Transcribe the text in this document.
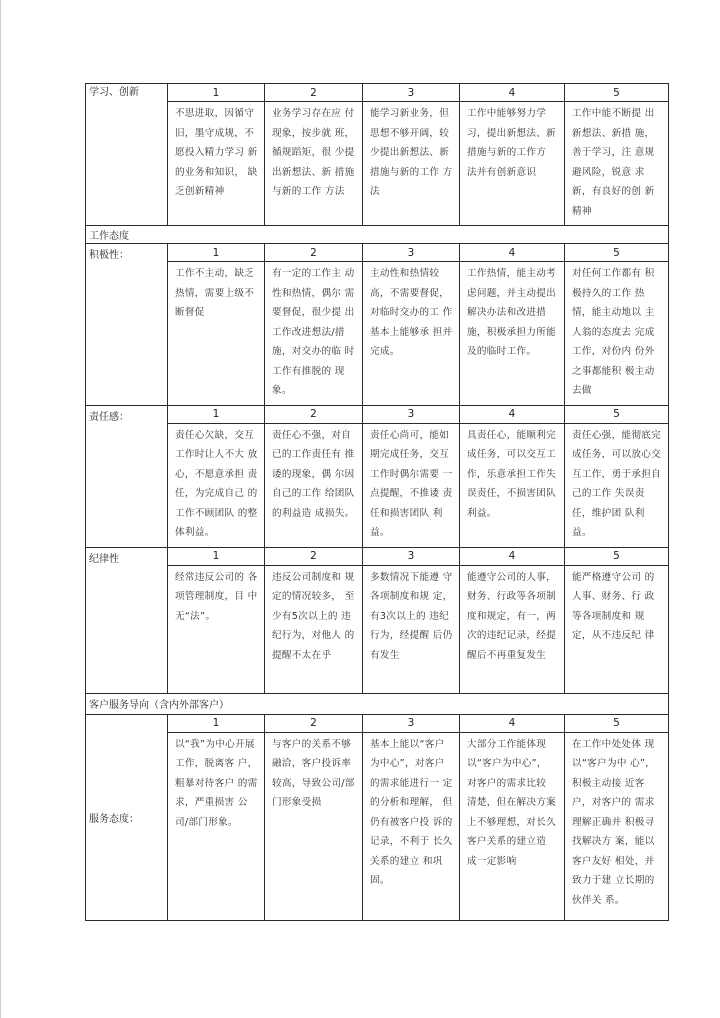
学习、创新	1	2	3	4	5
	不思进取，因循守旧，墨守成规，不 愿投入精力学习 新的业务和知识， 缺乏创新精神	业务学习存在应 付现象，按步就 班，循规蹈矩，很 少提出新想法、新 措施与新的工作 方法	能学习新业务，但思想不够开阔，较少提出新想法、新措施与新的工作 方法	工作中能够努力学习，提出新想法、新措施与新的工作方 法并有创新意识	工作中能不断提 出新想法、新措 施，善于学习，注 意规避风险，锐意 求新，有良好的创 新精神
工作态度					
积极性：	1	2	3	4	5
	工作不主动，缺乏热情，需要上级不 断督促	有一定的工作主 动性和热情，偶尔 需要督促，很少提 出工作改进想法/措 施，对交办的临 时工作有推脱的 现象。	主动性和热情较高，不需要督促，对临时交办的工 作基本上能够承 担并完成。	工作热情，能主动考虑问题，并主动提出解决办法和改进措施，积极承担力所能及的临时工作。	对任何工作都有 积极持久的工作 热情，能主动地以 主人翁的态度去 完成工作，对份内 份外之事都能积 极主动去做
责任感：	1	2	3	4	5
	责任心欠缺，交互工作时让人不大 放心，不愿意承担 责任，为完成自己 的工作不顾团队 的整体利益。	责任心不强，对自已的工作责任有 推诿的现象，偶 尔因自己的工作 给团队的利益造 成损失。	责任心尚可，能如期完成任务，交互工作时偶尔需要 一点提醒，不推诿 责任和损害团队 利益。	具责任心，能顺利完成任务，可以交互工作，乐意承担工作失误责任，不损害团队利益。	责任心强，能彻底完成任务，可以放心交互工作，勇于承担自己的工作 失误责任，维护团 队利益。
纪律性	1	2	3	4	5
	经常违反公司的 各项管理制度，目 中无“法”。	违反公司制度和 规定的情况较多， 至少有5次以上的 违纪行为，对他人 的提醒不太在乎	多数情况下能遵 守各项制度和规 定，有3次以上的 违纪行为，经提醒 后仍有发生	能遵守公司的人事，财务、行政等各项制度和规定，有一，两次的违纪记录，经提醒后不再重复发生	能严格遵守公司 的人事、财务、行 政等各项制度和 规定，从不违反纪 律
客户服务导向（含内外部客户）					
服务态度：	1	2	3	4	5
	以“我”为中心开展工作，脱离客 户，粗暴对待客户 的需求，严重损害 公司/部门形象。	与客户的关系不够融洽，客户投诉率较高，导致公司/部门形象受损	基本上能以“客户为中心”，对客户的需求能进行一 定的分析和理解， 但仍有被客户投 诉的记录，不利于 长久关系的建立 和巩固。	大部分工作能体现 以“客户为中心”， 对客户的需求比较 清楚，但在解决方案 上不够理想，对长久 客户关系的建立造 成一定影响	在工作中处处体 现以“客户为中 心”，积极主动接 近客户，对客户的 需求理解正确并 积极寻找解决方 案，能以客户友好 相处，并致力于建 立长期的伙伴关 系。
